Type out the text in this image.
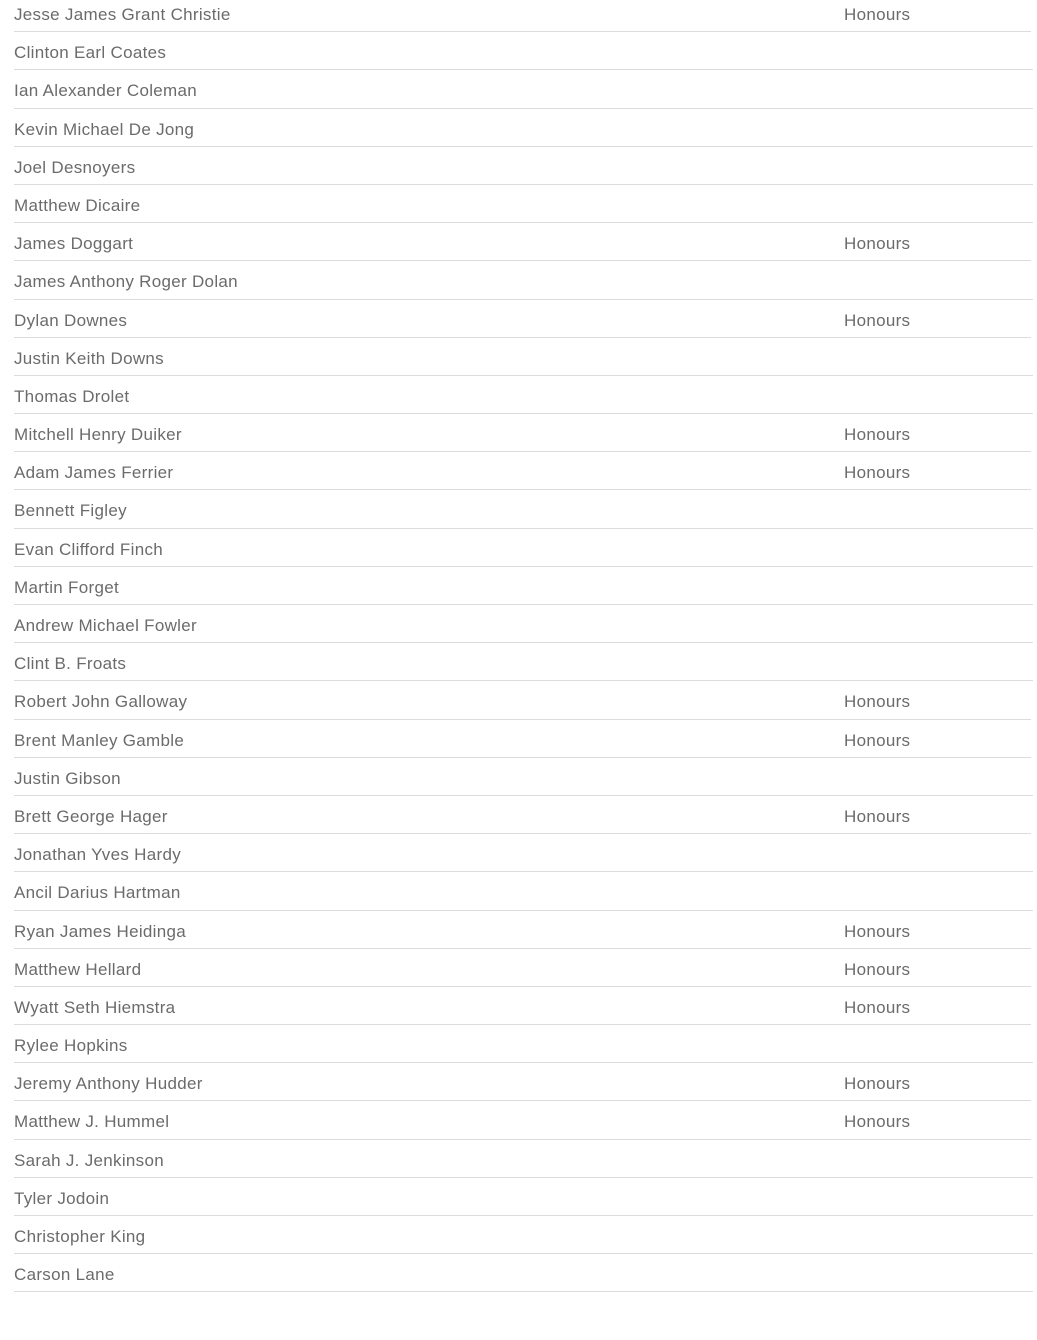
Jesse James Grant Christie	Honours
Clinton Earl Coates
Ian Alexander Coleman
Kevin Michael De Jong
Joel Desnoyers
Matthew Dicaire
James Doggart	Honours
James Anthony Roger Dolan
Dylan Downes	Honours
Justin Keith Downs
Thomas Drolet
Mitchell Henry Duiker	Honours
Adam James Ferrier	Honours
Bennett Figley
Evan Clifford Finch
Martin Forget
Andrew Michael Fowler
Clint B. Froats
Robert John Galloway	Honours
Brent Manley Gamble	Honours
Justin Gibson
Brett George Hager	Honours
Jonathan Yves Hardy
Ancil Darius Hartman
Ryan James Heidinga	Honours
Matthew Hellard	Honours
Wyatt Seth Hiemstra	Honours
Rylee Hopkins
Jeremy Anthony Hudder	Honours
Matthew J. Hummel	Honours
Sarah J. Jenkinson
Tyler Jodoin
Christopher King
Carson Lane
